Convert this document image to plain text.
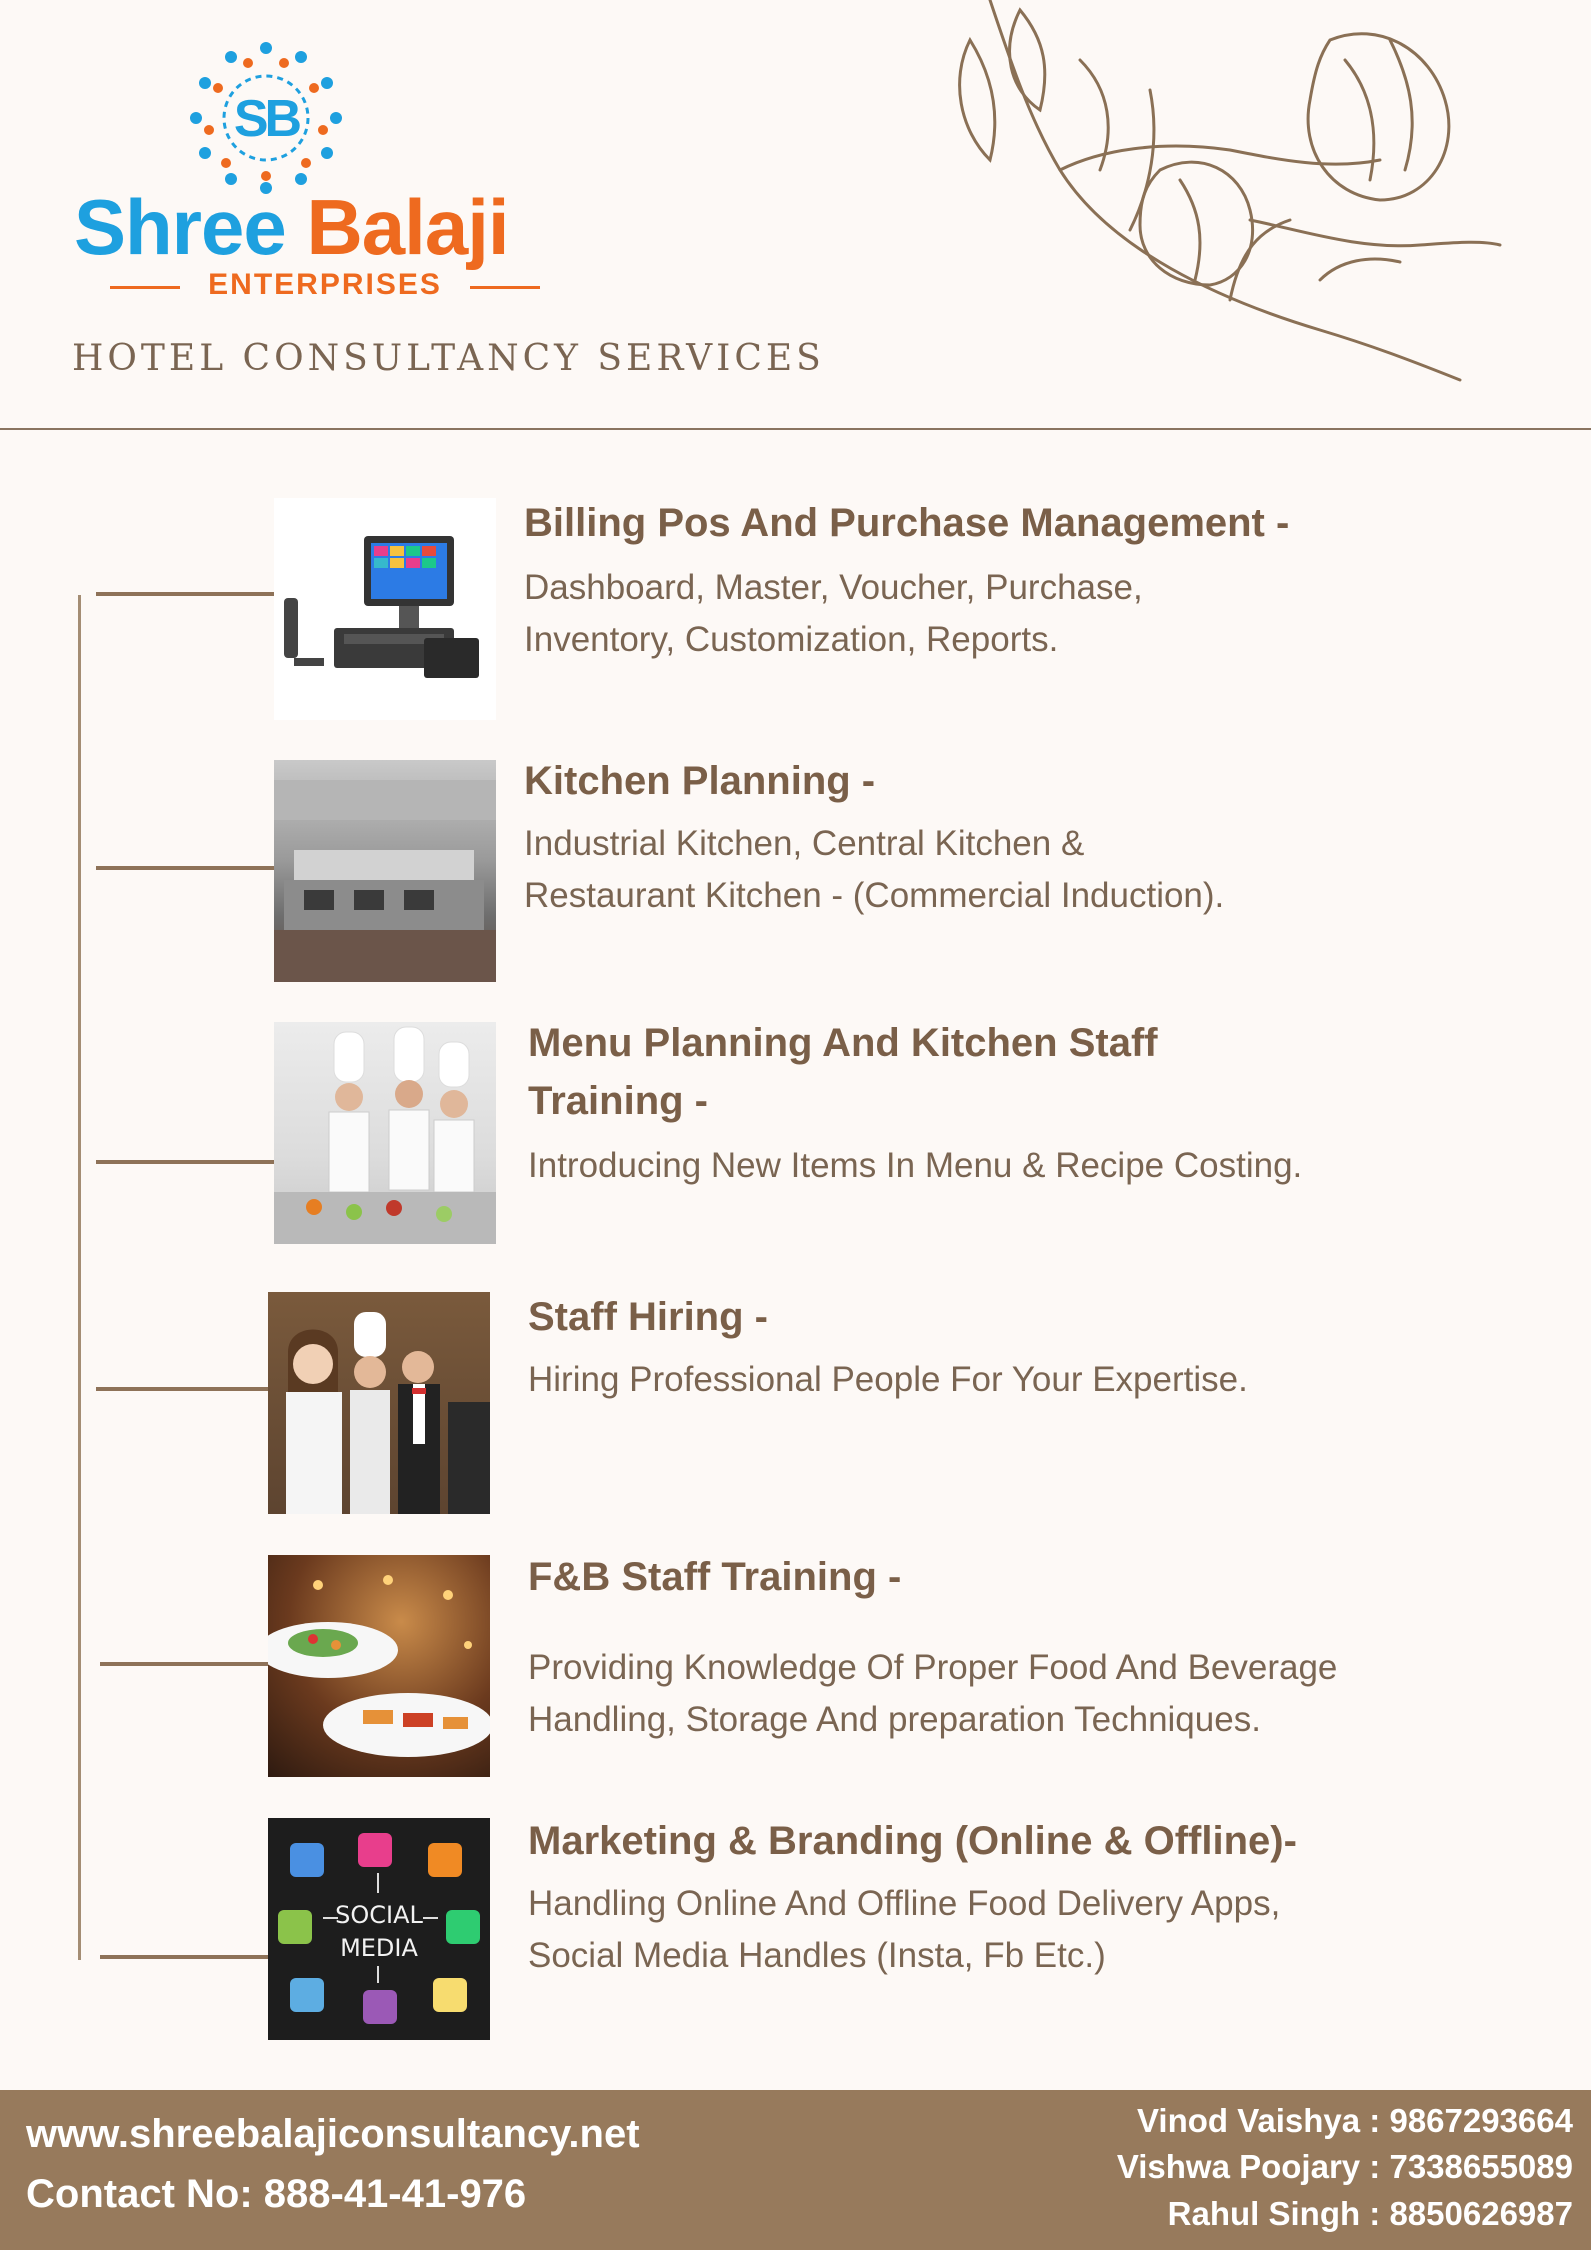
SB
Shree Balaji
ENTERPRISES
HOTEL CONSULTANCY SERVICES
Billing Pos And Purchase Management -
Dashboard, Master, Voucher, Purchase,
Inventory, Customization, Reports.
Kitchen Planning -
Industrial Kitchen, Central Kitchen &
Restaurant Kitchen - (Commercial Induction).
Menu Planning And Kitchen Staff
Training -
Introducing New Items In Menu & Recipe Costing.
Staff Hiring -
Hiring Professional People For Your Expertise.
F&B Staff Training -
Providing Knowledge Of Proper Food And Beverage
Handling, Storage And preparation Techniques.
SOCIAL
MEDIA
Marketing & Branding (Online & Offline)-
Handling Online And Offline Food Delivery Apps,
Social Media Handles (Insta, Fb Etc.)
www.shreebalajiconsultancy.net
Contact No: 888-41-41-976
Vinod Vaishya : 9867293664
Vishwa Poojary : 7338655089
Rahul Singh : 8850626987
